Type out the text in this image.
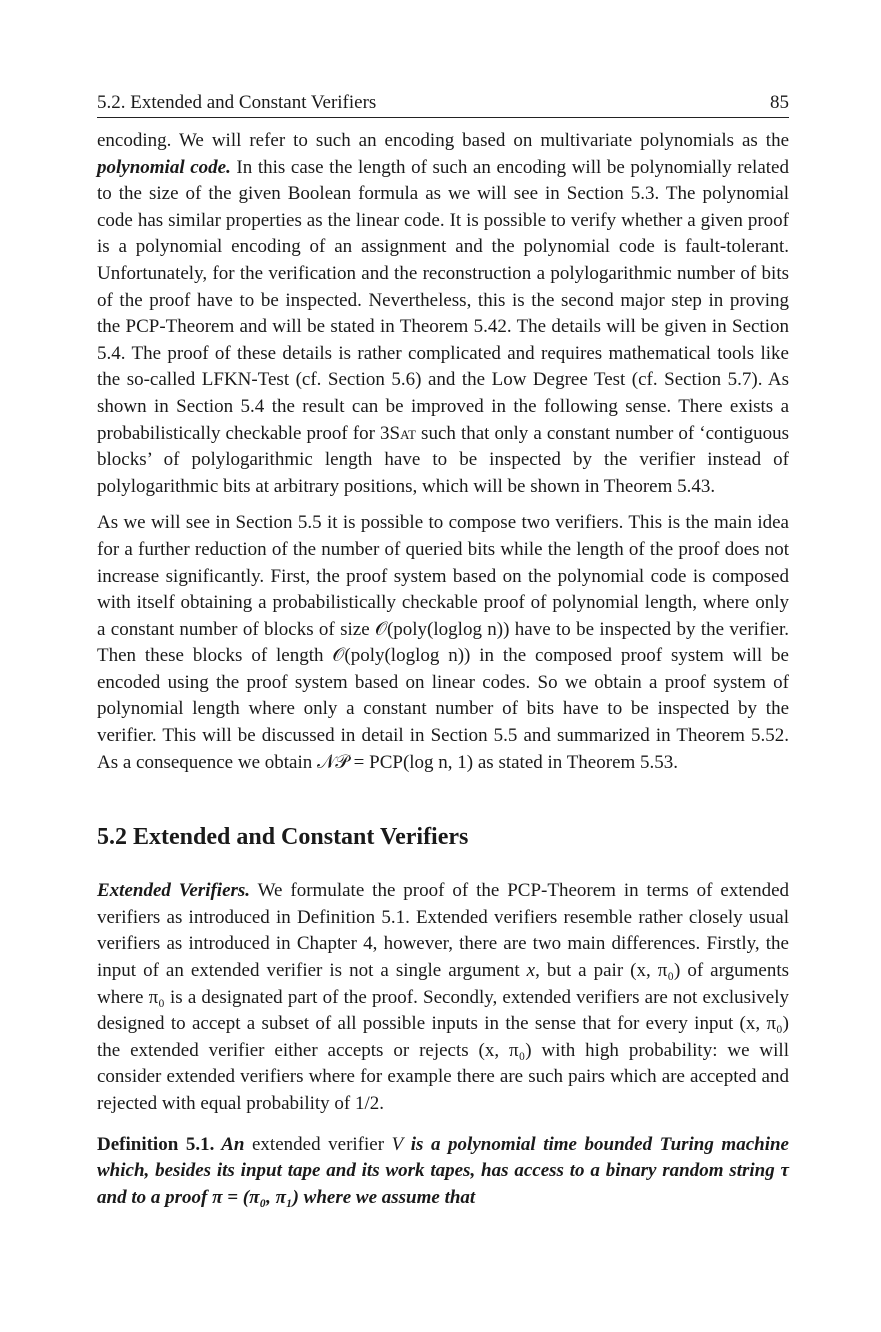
5.2. Extended and Constant Verifiers	85

encoding. We will refer to such an encoding based on multivariate polynomials as the polynomial code. In this case the length of such an encoding will be polynomially related to the size of the given Boolean formula as we will see in Section 5.3. The polynomial code has similar properties as the linear code. It is possible to verify whether a given proof is a polynomial encoding of an assignment and the polynomial code is fault-tolerant. Unfortunately, for the verification and the reconstruction a polylogarithmic number of bits of the proof have to be inspected. Nevertheless, this is the second major step in proving the PCP-Theorem and will be stated in Theorem 5.42. The details will be given in Section 5.4. The proof of these details is rather complicated and requires mathematical tools like the so-called LFKN-Test (cf. Section 5.6) and the Low Degree Test (cf. Section 5.7). As shown in Section 5.4 the result can be improved in the following sense. There exists a probabilistically checkable proof for 3Sat such that only a constant number of ‘contiguous blocks’ of polylogarithmic length have to be inspected by the verifier instead of polylogarithmic bits at arbitrary positions, which will be shown in Theorem 5.43.

As we will see in Section 5.5 it is possible to compose two verifiers. This is the main idea for a further reduction of the number of queried bits while the length of the proof does not increase significantly. First, the proof system based on the polynomial code is composed with itself obtaining a probabilistically checkable proof of polynomial length, where only a constant number of blocks of size 𝒪(poly(loglog n)) have to be inspected by the verifier. Then these blocks of length 𝒪(poly(loglog n)) in the composed proof system will be encoded using the proof system based on linear codes. So we obtain a proof system of polynomial length where only a constant number of bits have to be inspected by the verifier. This will be discussed in detail in Section 5.5 and summarized in Theorem 5.52. As a consequence we obtain 𝒩𝒫 = PCP(log n, 1) as stated in Theorem 5.53.

5.2 Extended and Constant Verifiers

Extended Verifiers. We formulate the proof of the PCP-Theorem in terms of extended verifiers as introduced in Definition 5.1. Extended verifiers resemble rather closely usual verifiers as introduced in Chapter 4, however, there are two main differences. Firstly, the input of an extended verifier is not a single argument x, but a pair (x, π₀) of arguments where π₀ is a designated part of the proof. Secondly, extended verifiers are not exclusively designed to accept a subset of all possible inputs in the sense that for every input (x, π₀) the extended verifier either accepts or rejects (x, π₀) with high probability: we will consider extended verifiers where for example there are such pairs which are accepted and rejected with equal probability of 1/2.

Definition 5.1. An extended verifier V is a polynomial time bounded Turing machine which, besides its input tape and its work tapes, has access to a binary random string τ and to a proof π = (π₀, π₁) where we assume that
